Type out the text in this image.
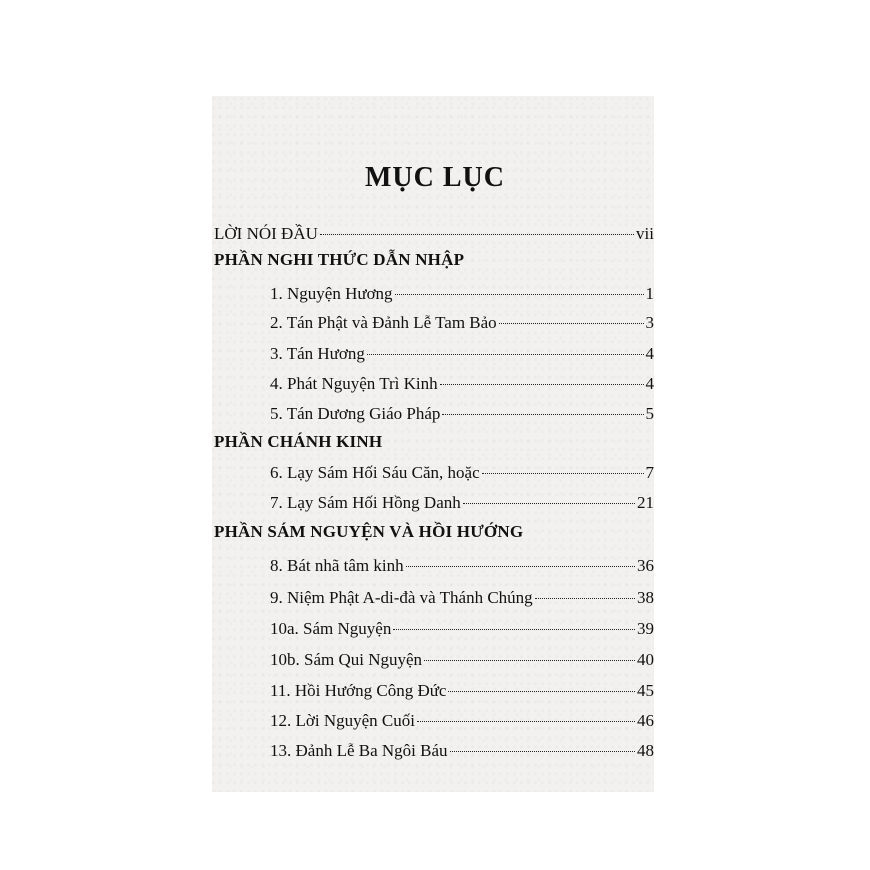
MỤC LỤC
LỜI NÓI ĐẦU	vii
PHẦN NGHI THỨC DẪN NHẬP
1. Nguyện Hương	1
2. Tán Phật và Đảnh Lễ Tam Bảo	3
3. Tán Hương	4
4. Phát Nguyện Trì Kinh	4
5. Tán Dương Giáo Pháp	5
PHẦN CHÁNH KINH
6. Lạy Sám Hối Sáu Căn, hoặc	7
7. Lạy Sám Hối Hồng Danh	21
PHẦN SÁM NGUYỆN VÀ HỒI HƯỚNG
8. Bát nhã tâm kinh	36
9. Niệm Phật A-di-đà và Thánh Chúng	38
10a. Sám Nguyện	39
10b. Sám Qui Nguyện	40
11. Hồi Hướng Công Đức	45
12. Lời Nguyện Cuối	46
13. Đảnh Lễ Ba Ngôi Báu	48
